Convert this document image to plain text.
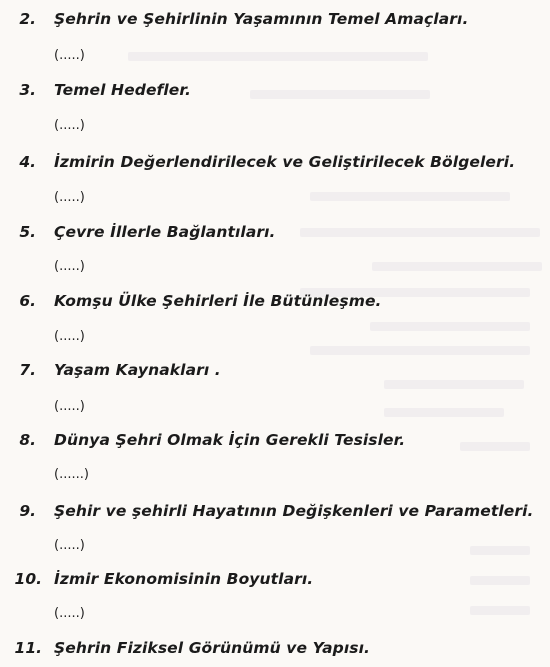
2. Şehrin ve Şehirlinin Yaşamının Temel Amaçları.
(.....)
3. Temel Hedefler.
(.....)
4. İzmirin Değerlendirilecek ve Geliştirilecek Bölgeleri.
(.....)
5. Çevre İllerle Bağlantıları.
(.....)
6. Komşu Ülke Şehirleri İle Bütünleşme.
(.....)
7. Yaşam Kaynakları .
(.....)
8. Dünya Şehri Olmak İçin Gerekli Tesisler.
(......)
9. Şehir ve şehirli Hayatının Değişkenleri ve Parametleri.
(.....)
10. İzmir Ekonomisinin Boyutları.
(.....)
11. Şehrin Fiziksel Görünümü ve Yapısı.
